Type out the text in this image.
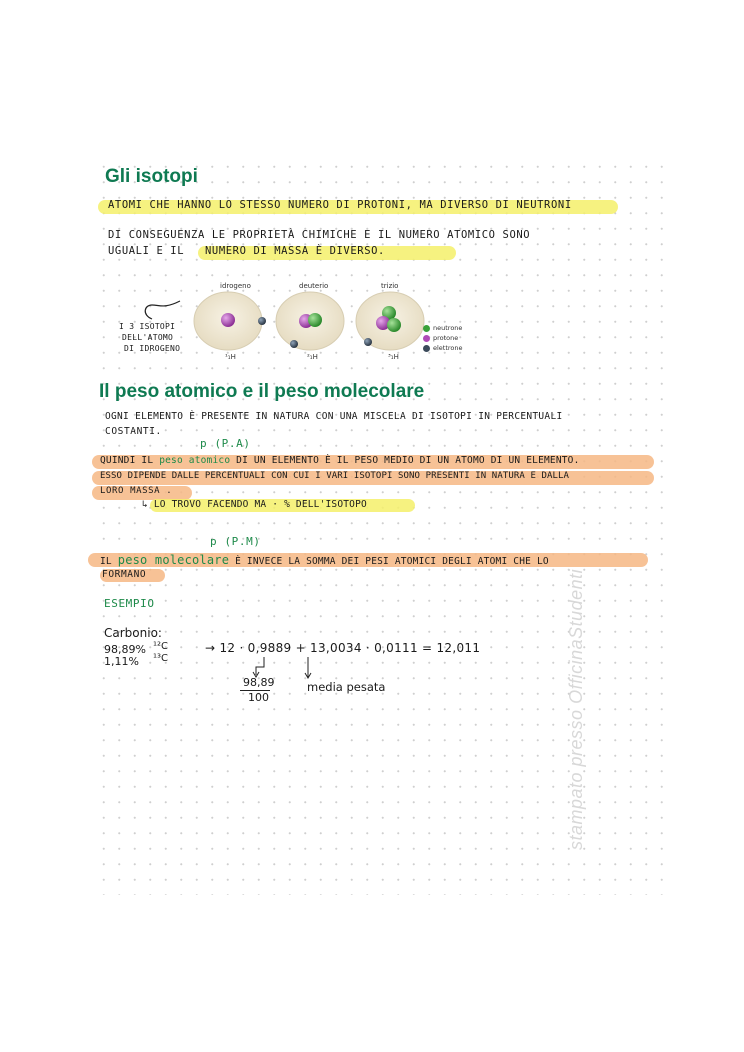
Gli isotopi
ATOMI CHE HANNO LO STESSO NUMERO DI PROTONI, MA DIVERSO DI NEUTRONI
DI CONSEGUENZA LE PROPRIETÀ CHIMICHE E IL NUMERO ATOMICO SONO
UGUALI E IL NUMERO DI MASSA È DIVERSO.
I 3 ISOTOPI
DELL'ATOMO
DI IDROGENO
idrogeno	deuterio	trizio
¹₁H	²₁H	³₁H
neutrone
protone
elettrone
Il peso atomico e il peso molecolare
OGNI ELEMENTO È PRESENTE IN NATURA CON UNA MISCELA DI ISOTOPI IN PERCENTUALI
COSTANTI.
p (P.A)
QUINDI IL peso atomico DI UN ELEMENTO È IL PESO MEDIO DI UN ATOMO DI UN ELEMENTO.
ESSO DIPENDE DALLE PERCENTUALI CON CUI I VARI ISOTOPI SONO PRESENTI IN NATURA E DALLA
LORO MASSA .
↳ LO TROVO FACENDO MA · % DELL'ISOTOPO
p (P.M)
IL peso molecolare È INVECE LA SOMMA DEI PESI ATOMICI DEGLI ATOMI CHE LO
FORMANO
ESEMPIO
Carbonio:
98,89% ¹²C
1,11% ¹³C
→ 12 · 0,9889 + 13,0034 · 0,0111 = 12,011
98,89
100
media pesata	stampato presso OfficinaStudenti
